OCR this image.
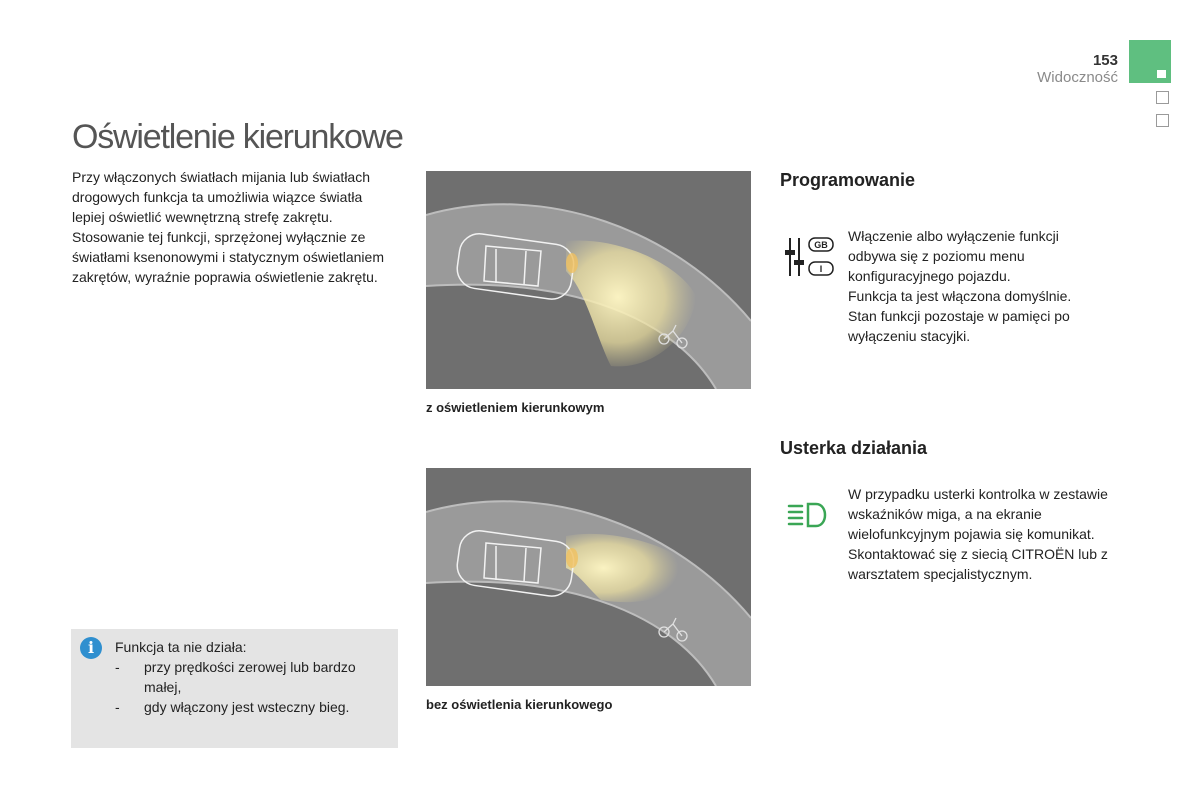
153
Widoczność
Oświetlenie kierunkowe

Przy włączonych światłach mijania lub światłach drogowych funkcja ta umożliwia wiązce światła lepiej oświetlić wewnętrzną strefę zakrętu.

Stosowanie tej funkcji, sprzężonej wyłącznie ze światłami ksenonowymi i statycznym oświetlaniem zakrętów, wyraźnie poprawia oświetlenie zakrętu.

i	Funkcja ta nie działa:
- przy prędkości zerowej lub bardzo małej,
- gdy włączony jest wsteczny bieg.
z oświetleniem kierunkowym
bez oświetlenia kierunkowego
Programowanie
GB
I

Włączenie albo wyłączenie funkcji odbywa się z poziomu menu konfiguracyjnego pojazdu.

Funkcja ta jest włączona domyślnie.

Stan funkcji pozostaje w pamięci po wyłączeniu stacyjki.

Usterka działania

W przypadku usterki kontrolka w zestawie wskaźników miga, a na ekranie wielofunkcyjnym pojawia się komunikat.

Skontaktować się z siecią CITROËN lub z warsztatem specjalistycznym.
